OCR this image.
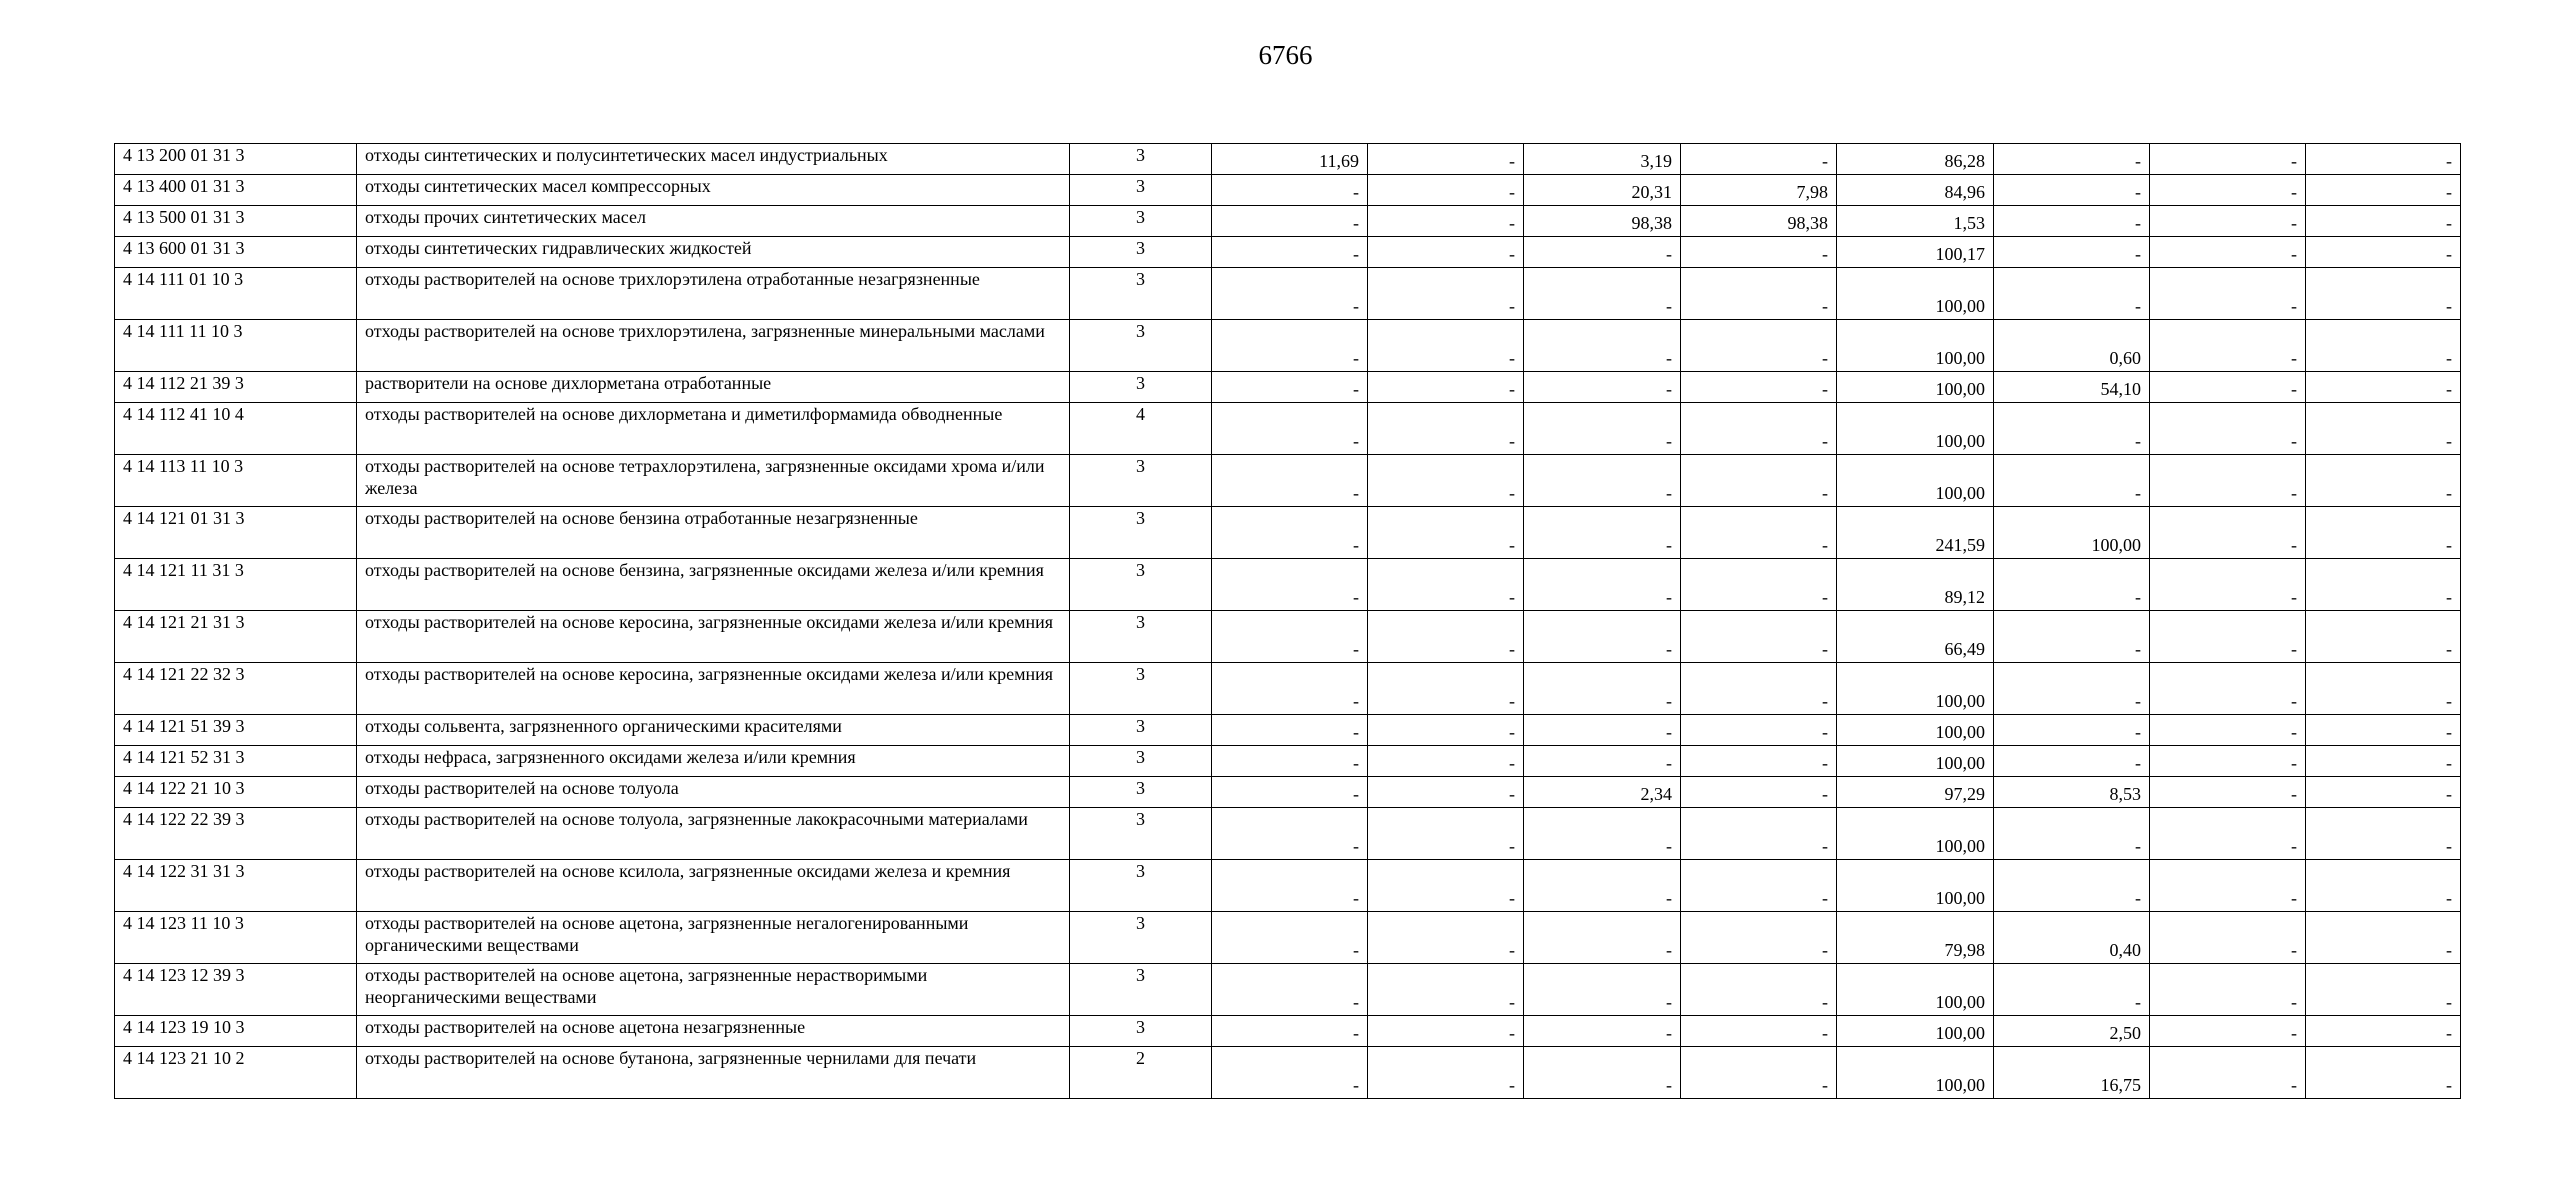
6766
4 13 200 01 31 3	отходы синтетических и полусинтетических масел индустриальных	3	11,69	-	3,19	-	86,28	-	-	-
4 13 400 01 31 3	отходы синтетических масел компрессорных	3	-	-	20,31	7,98	84,96	-	-	-
4 13 500 01 31 3	отходы прочих синтетических масел	3	-	-	98,38	98,38	1,53	-	-	-
4 13 600 01 31 3	отходы синтетических гидравлических жидкостей	3	-	-	-	-	100,17	-	-	-
4 14 111 01 10 3	отходы растворителей на основе трихлорэтилена отработанные незагрязненные	3	-	-	-	-	100,00	-	-	-
4 14 111 11 10 3	отходы растворителей на основе трихлорэтилена, загрязненные минеральными маслами	3	-	-	-	-	100,00	0,60	-	-
4 14 112 21 39 3	растворители на основе дихлорметана отработанные	3	-	-	-	-	100,00	54,10	-	-
4 14 112 41 10 4	отходы растворителей на основе дихлорметана и диметилформамида обводненные	4	-	-	-	-	100,00	-	-	-
4 14 113 11 10 3	отходы растворителей на основе тетрахлорэтилена, загрязненные оксидами хрома и/или железа	3	-	-	-	-	100,00	-	-	-
4 14 121 01 31 3	отходы растворителей на основе бензина отработанные незагрязненные	3	-	-	-	-	241,59	100,00	-	-
4 14 121 11 31 3	отходы растворителей на основе бензина, загрязненные оксидами железа и/или кремния	3	-	-	-	-	89,12	-	-	-
4 14 121 21 31 3	отходы растворителей на основе керосина, загрязненные оксидами железа и/или кремния	3	-	-	-	-	66,49	-	-	-
4 14 121 22 32 3	отходы растворителей на основе керосина, загрязненные оксидами железа и/или кремния	3	-	-	-	-	100,00	-	-	-
4 14 121 51 39 3	отходы сольвента, загрязненного органическими красителями	3	-	-	-	-	100,00	-	-	-
4 14 121 52 31 3	отходы нефраса, загрязненного оксидами железа и/или кремния	3	-	-	-	-	100,00	-	-	-
4 14 122 21 10 3	отходы растворителей на основе толуола	3	-	-	2,34	-	97,29	8,53	-	-
4 14 122 22 39 3	отходы растворителей на основе толуола, загрязненные лакокрасочными материалами	3	-	-	-	-	100,00	-	-	-
4 14 122 31 31 3	отходы растворителей на основе ксилола, загрязненные оксидами железа и кремния	3	-	-	-	-	100,00	-	-	-
4 14 123 11 10 3	отходы растворителей на основе ацетона, загрязненные негалогенированными органическими веществами	3	-	-	-	-	79,98	0,40	-	-
4 14 123 12 39 3	отходы растворителей на основе ацетона, загрязненные нерастворимыми неорганическими веществами	3	-	-	-	-	100,00	-	-	-
4 14 123 19 10 3	отходы растворителей на основе ацетона незагрязненные	3	-	-	-	-	100,00	2,50	-	-
4 14 123 21 10 2	отходы растворителей на основе бутанона, загрязненные чернилами для печати	2	-	-	-	-	100,00	16,75	-	-
